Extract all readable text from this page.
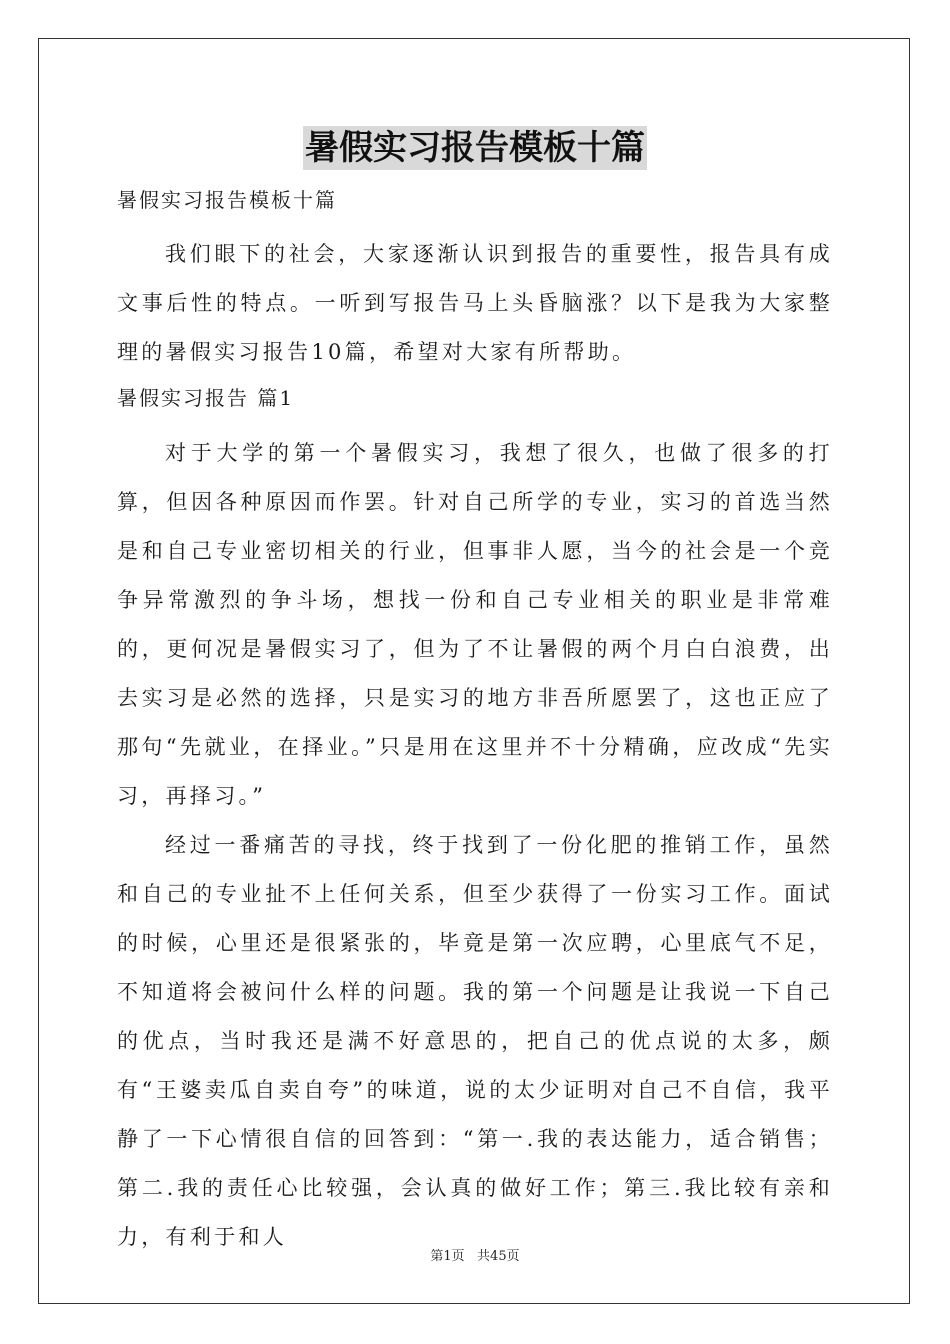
暑假实习报告模板十篇

暑假实习报告模板十篇

我们眼下的社会，大家逐渐认识到报告的重要性，报告具有成文事后性的特点。一听到写报告马上头昏脑涨？以下是我为大家整理的暑假实习报告10篇，希望对大家有所帮助。

暑假实习报告 篇1

对于大学的第一个暑假实习，我想了很久，也做了很多的打算，但因各种原因而作罢。针对自己所学的专业，实习的首选当然是和自己专业密切相关的行业，但事非人愿，当今的社会是一个竞争异常激烈的争斗场，想找一份和自己专业相关的职业是非常难的，更何况是暑假实习了，但为了不让暑假的两个月白白浪费，出去实习是必然的选择，只是实习的地方非吾所愿罢了，这也正应了那句“先就业，在择业。”只是用在这里并不十分精确，应改成“先实习，再择习。”

经过一番痛苦的寻找，终于找到了一份化肥的推销工作，虽然和自己的专业扯不上任何关系，但至少获得了一份实习工作。面试的时候，心里还是很紧张的，毕竟是第一次应聘，心里底气不足，不知道将会被问什么样的问题。我的第一个问题是让我说一下自己的优点，当时我还是满不好意思的，把自己的优点说的太多，颇有“王婆卖瓜自卖自夸”的味道，说的太少证明对自己不自信，我平静了一下心情很自信的回答到：“第一.我的表达能力，适合销售；第二.我的责任心比较强，会认真的做好工作；第三.我比较有亲和力，有利于和人

第1页   共45页
